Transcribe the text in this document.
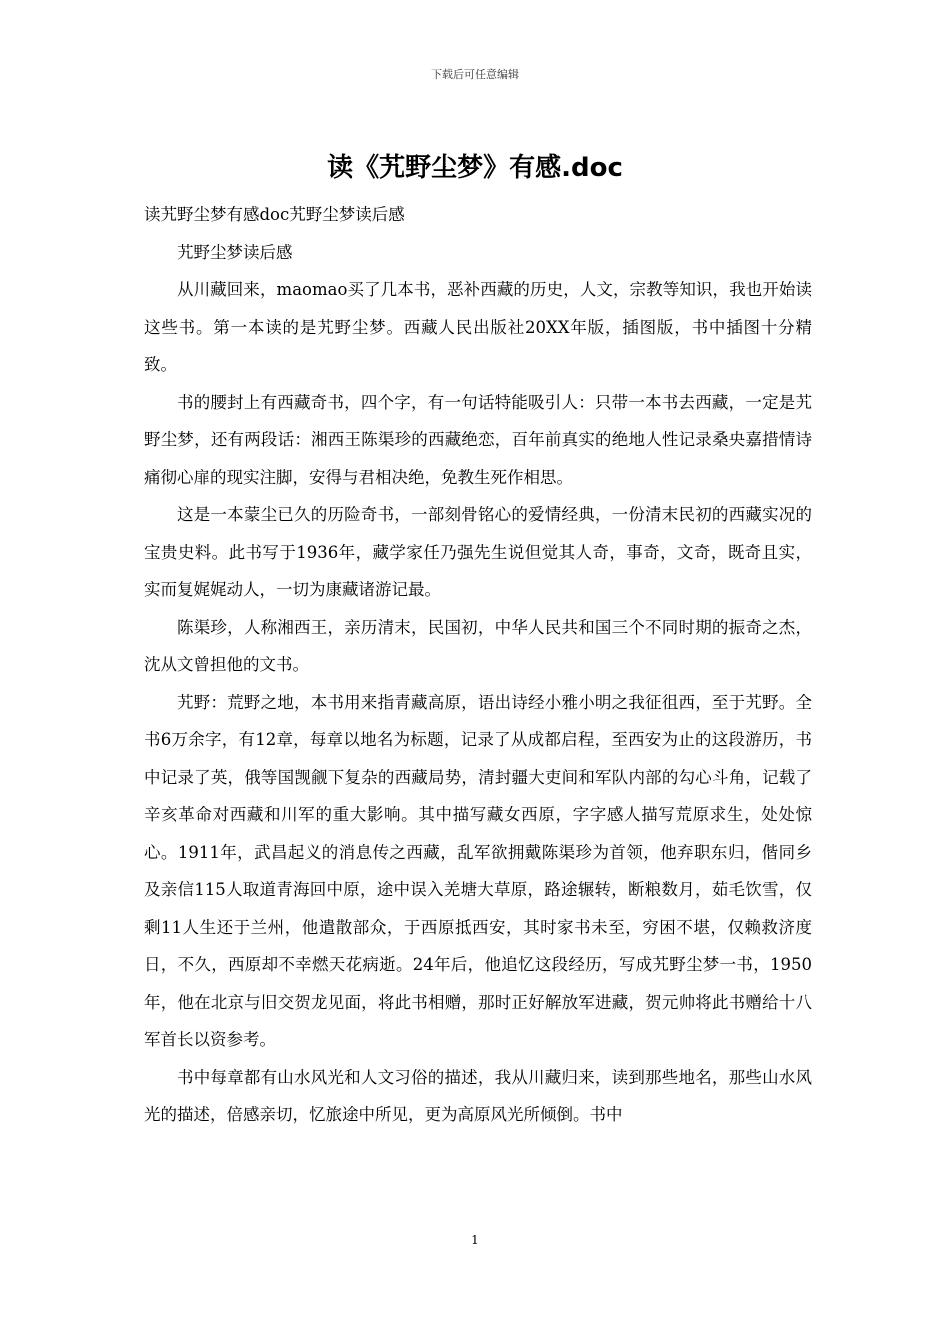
下载后可任意编辑
读《艽野尘梦》有感.doc

读艽野尘梦有感doc艽野尘梦读后感

艽野尘梦读后感

从川藏回来，maomao买了几本书，恶补西藏的历史，人文，宗教等知识，我也开始读这些书。第一本读的是艽野尘梦。西藏人民出版社20XX年版，插图版，书中插图十分精致。

书的腰封上有西藏奇书，四个字，有一句话特能吸引人：只带一本书去西藏，一定是艽野尘梦，还有两段话：湘西王陈渠珍的西藏绝恋，百年前真实的绝地人性记录桑央嘉措情诗痛彻心扉的现实注脚，安得与君相决绝，免教生死作相思。

这是一本蒙尘已久的历险奇书，一部刻骨铭心的爱情经典，一份清末民初的西藏实况的宝贵史料。此书写于1936年，藏学家任乃强先生说但觉其人奇，事奇，文奇，既奇且实，实而复娓娓动人，一切为康藏诸游记最。

陈渠珍，人称湘西王，亲历清末，民国初，中华人民共和国三个不同时期的振奇之杰，沈从文曾担他的文书。

艽野：荒野之地，本书用来指青藏高原，语出诗经小雅小明之我征徂西，至于艽野。全书6万余字，有12章，每章以地名为标题，记录了从成都启程，至西安为止的这段游历，书中记录了英，俄等国觊觎下复杂的西藏局势，清封疆大吏间和军队内部的勾心斗角，记载了辛亥革命对西藏和川军的重大影响。其中描写藏女西原，字字感人描写荒原求生，处处惊心。1911年，武昌起义的消息传之西藏，乱军欲拥戴陈渠珍为首领，他弃职东归，偕同乡及亲信115人取道青海回中原，途中误入羌塘大草原，路途辗转，断粮数月，茹毛饮雪，仅剩11人生还于兰州，他遣散部众，于西原抵西安，其时家书未至，穷困不堪，仅赖救济度日，不久，西原却不幸燃天花病逝。24年后，他追忆这段经历，写成艽野尘梦一书，1950年，他在北京与旧交贺龙见面，将此书相赠，那时正好解放军进藏，贺元帅将此书赠给十八军首长以资参考。

书中每章都有山水风光和人文习俗的描述，我从川藏归来，读到那些地名，那些山水风光的描述，倍感亲切，忆旅途中所见，更为高原风光所倾倒。书中

1
